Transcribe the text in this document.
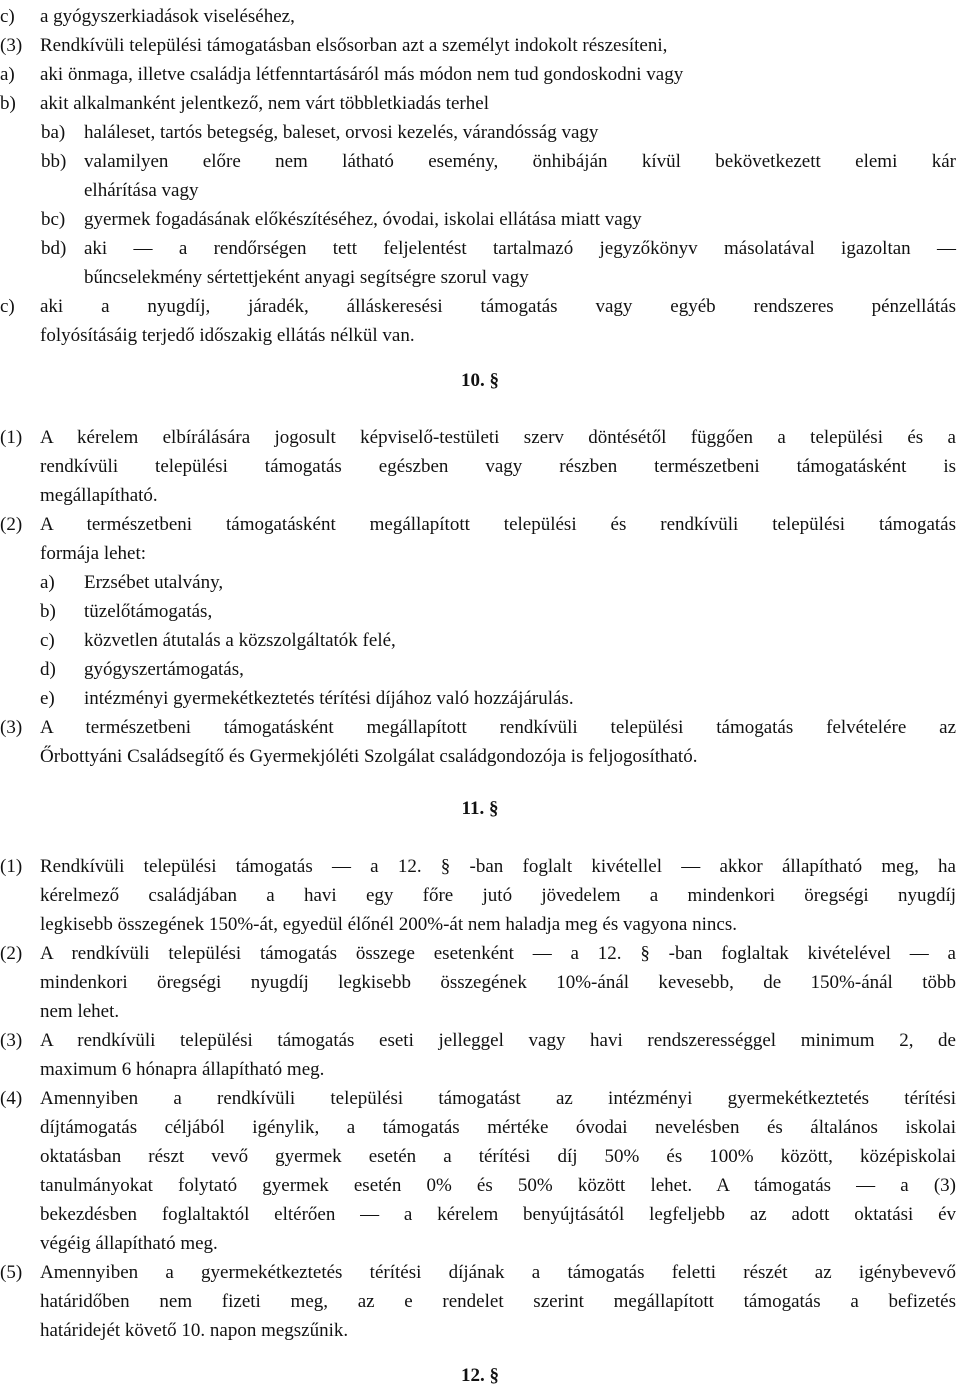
c) a gyógyszerkiadások viseléséhez,
(3) Rendkívüli települési támogatásban elsősorban azt a személyt indokolt részesíteni,
a) aki önmaga, illetve családja létfenntartásáról más módon nem tud gondoskodni vagy
b) akit alkalmanként jelentkező, nem várt többletkiadás terhel
ba) haláleset, tartós betegség, baleset, orvosi kezelés, várandósság vagy
bb) valamilyen előre nem látható esemény, önhibáján kívül bekövetkezett elemi kár
elhárítása vagy
bc) gyermek fogadásának előkészítéséhez, óvodai, iskolai ellátása miatt vagy
bd) aki — a rendőrségen tett feljelentést tartalmazó jegyzőkönyv másolatával igazoltan —
bűncselekmény sértettjeként anyagi segítségre szorul vagy
c) aki a nyugdíj, járadék, álláskeresési támogatás vagy egyéb rendszeres pénzellátás
folyósításáig terjedő időszakig ellátás nélkül van.
(1) A kérelem elbírálására jogosult képviselő-testületi szerv döntésétől függően a települési és a
rendkívüli települési támogatás egészben vagy részben természetbeni támogatásként is
megállapítható.
(2) A természetbeni támogatásként megállapított települési és rendkívüli települési támogatás
formája lehet:
a) Erzsébet utalvány,
b) tüzelőtámogatás,
c) közvetlen átutalás a közszolgáltatók felé,
d) gyógyszertámogatás,
e) intézményi gyermekétkeztetés térítési díjához való hozzájárulás.
(3) A természetbeni támogatásként megállapított rendkívüli települési támogatás felvételére az
Őrbottyáni Családsegítő és Gyermekjóléti Szolgálat családgondozója is feljogosítható.
(1) Rendkívüli települési támogatás — a 12. § -ban foglalt kivétellel — akkor állapítható meg, ha
kérelmező családjában a havi egy főre jutó jövedelem a mindenkori öregségi nyugdíj
legkisebb összegének 150%-át, egyedül élőnél 200%-át nem haladja meg és vagyona nincs.
(2) A rendkívüli települési támogatás összege esetenként — a 12. § -ban foglaltak kivételével — a
mindenkori öregségi nyugdíj legkisebb összegének 10%-ánál kevesebb, de 150%-ánál több
nem lehet.
(3) A rendkívüli települési támogatás eseti jelleggel vagy havi rendszerességgel minimum 2, de
maximum 6 hónapra állapítható meg.
(4) Amennyiben a rendkívüli települési támogatást az intézményi gyermekétkeztetés térítési
díjtámogatás céljából igénylik, a támogatás mértéke óvodai nevelésben és általános iskolai
oktatásban részt vevő gyermek esetén a térítési díj 50% és 100% között, középiskolai
tanulmányokat folytató gyermek esetén 0% és 50% között lehet. A támogatás — a (3)
bekezdésben foglaltaktól eltérően — a kérelem benyújtásától legfeljebb az adott oktatási év
végéig állapítható meg.
(5) Amennyiben a gyermekétkeztetés térítési díjának a támogatás feletti részét az igénybevevő
határidőben nem fizeti meg, az e rendelet szerint megállapított támogatás a befizetés
határidejét követő 10. napon megszűnik.
10. §
11. §
12. §
